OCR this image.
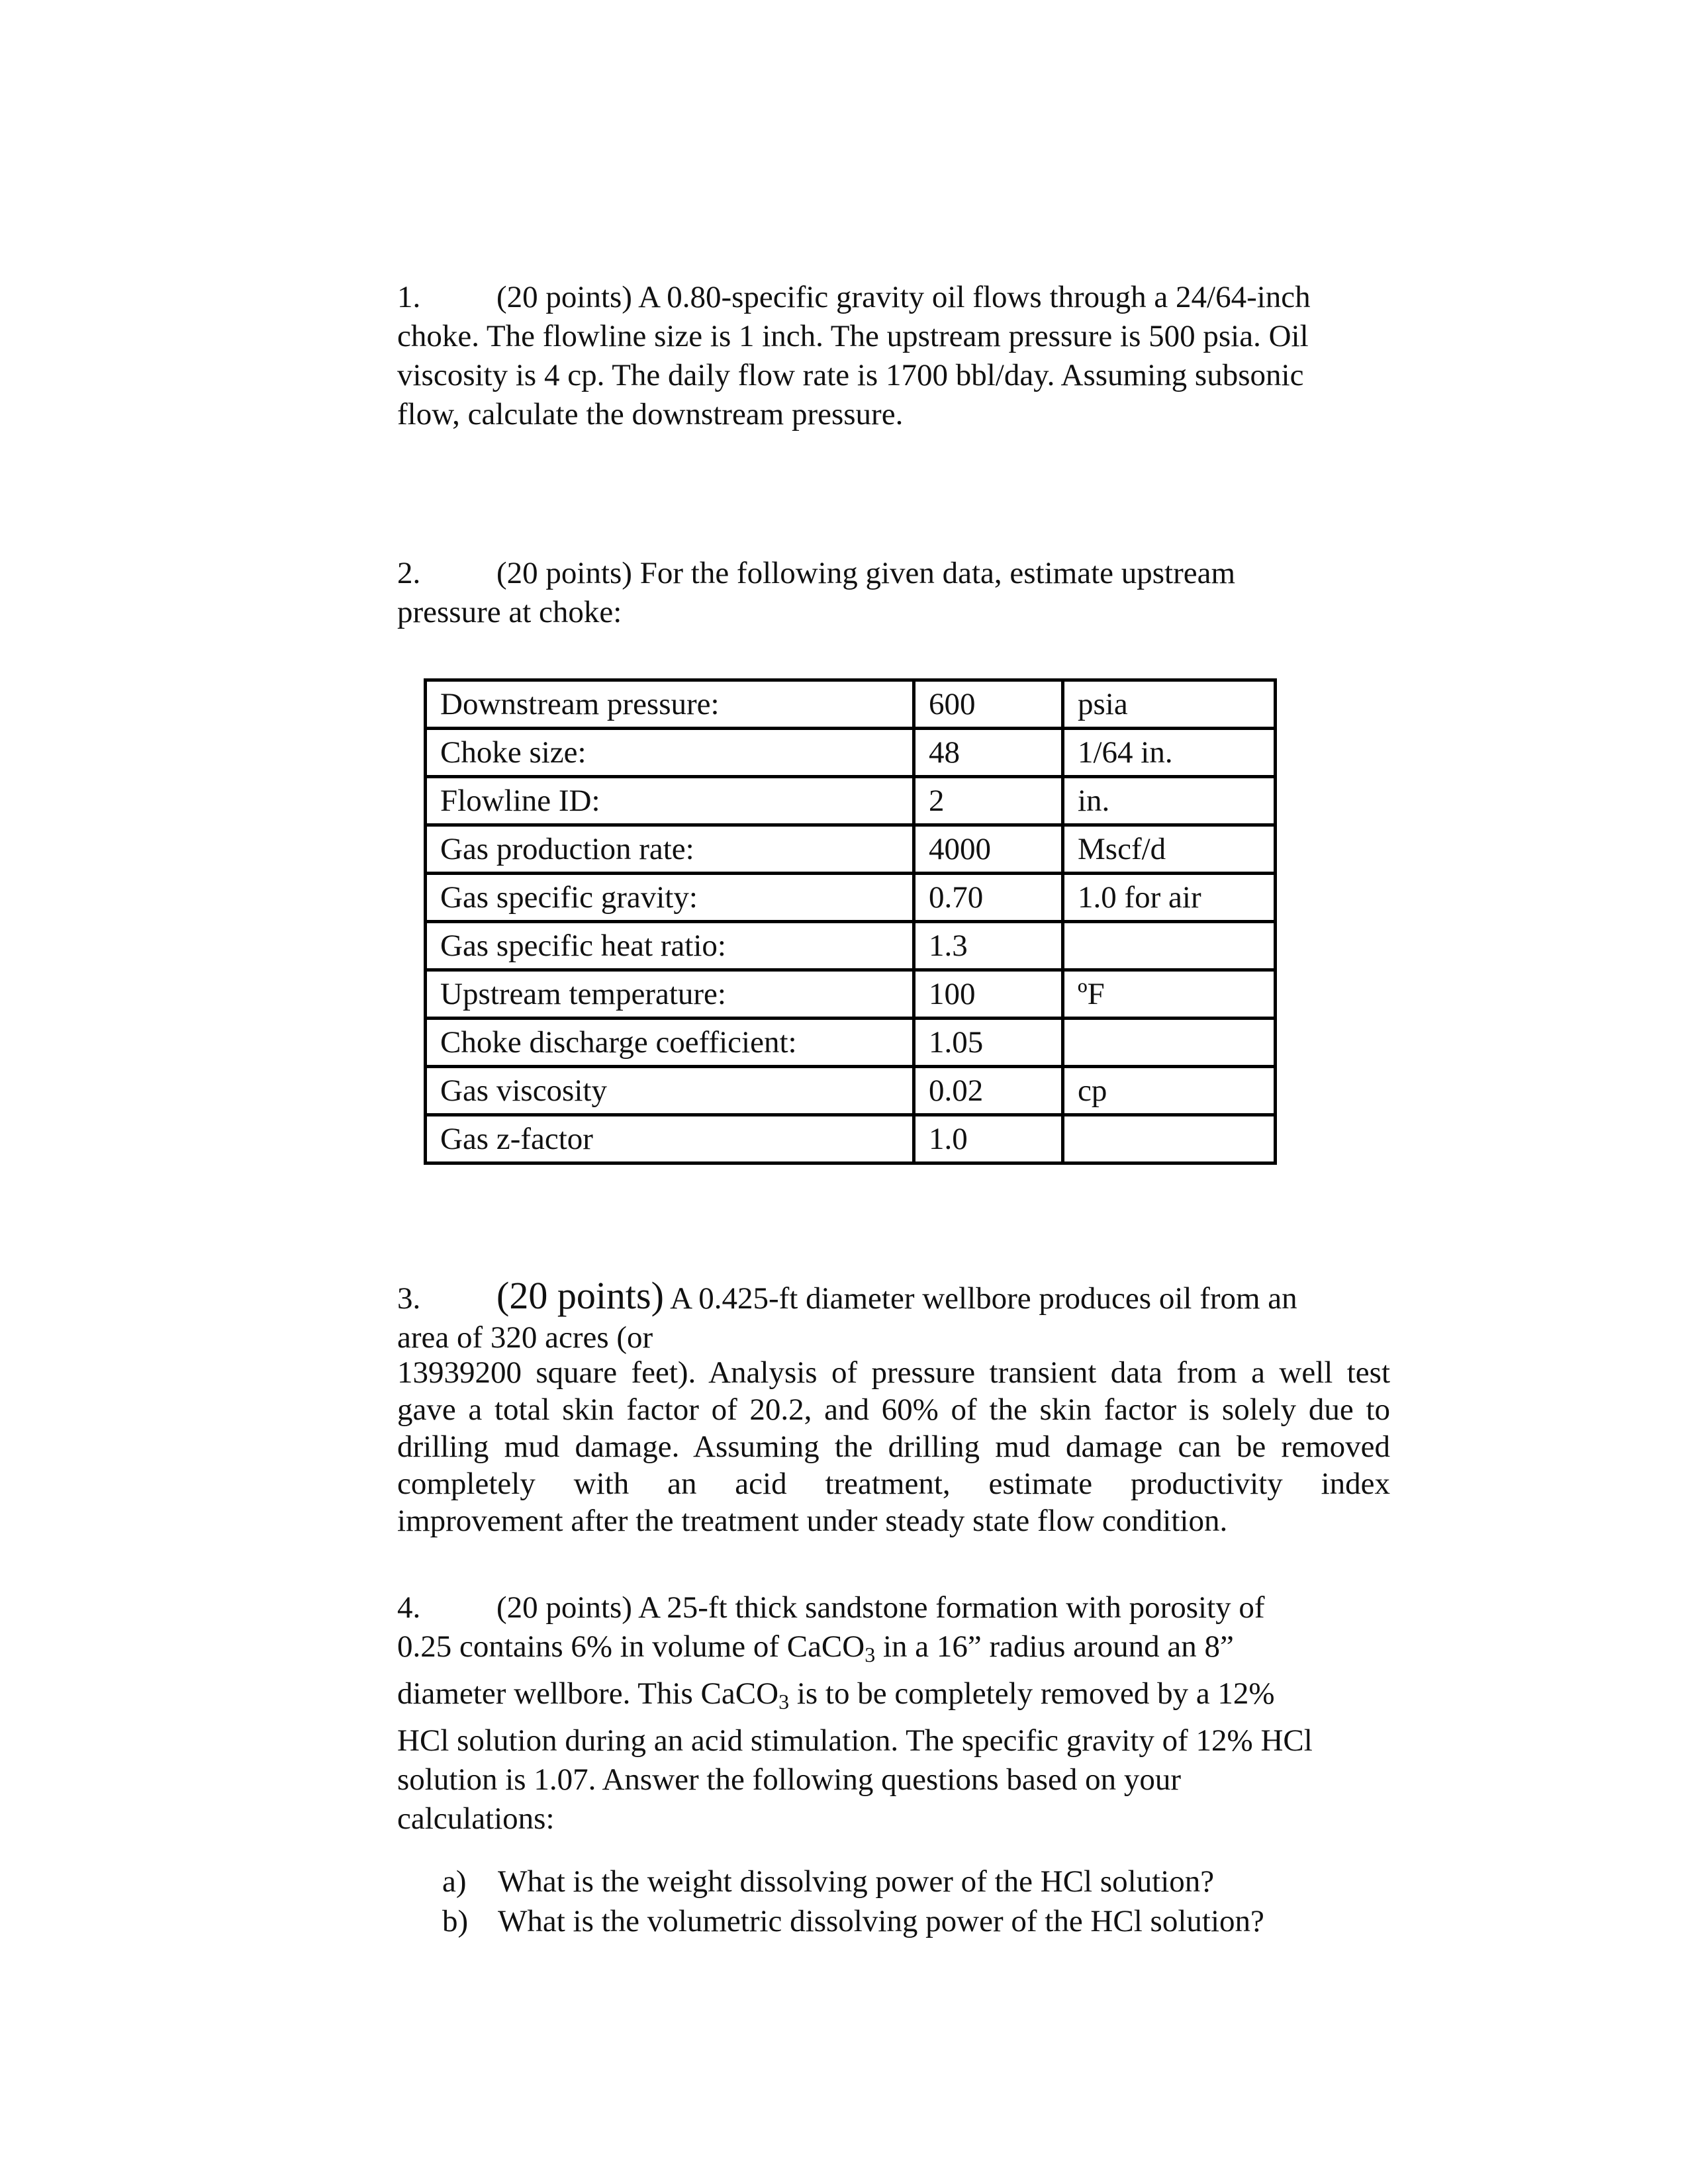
1. (20 points) A 0.80-specific gravity oil flows through a 24/64-inch
choke. The flowline size is 1 inch. The upstream pressure is 500 psia. Oil
viscosity is 4 cp. The daily flow rate is 1700 bbl/day. Assuming subsonic
flow, calculate the downstream pressure.
2. (20 points) For the following given data, estimate upstream
pressure at choke:
Downstream pressure:	600	psia
Choke size:	48	1/64 in.
Flowline ID:	2	in.
Gas production rate:	4000	Mscf/d
Gas specific gravity:	0.70	1.0 for air
Gas specific heat ratio:	1.3	
Upstream temperature:	100	ºF
Choke discharge coefficient:	1.05	
Gas viscosity	0.02	cp
Gas z-factor	1.0	
3. (20 points) A 0.425-ft diameter wellbore produces oil from an
area of 320 acres (or
13939200 square feet). Analysis of pressure transient data from a well test
gave a total skin factor of 20.2, and 60% of the skin factor is solely due to
drilling mud damage. Assuming the drilling mud damage can be removed
completely with an acid treatment, estimate productivity index
improvement after the treatment under steady state flow condition.
4. (20 points) A 25-ft thick sandstone formation with porosity of
0.25 contains 6% in volume of CaCO$_3$ in a 16” radius around an 8”
diameter wellbore. This CaCO$_3$ is to be completely removed by a 12%
HCl solution during an acid stimulation. The specific gravity of 12% HCl
solution is 1.07. Answer the following questions based on your
calculations:
a)	What is the weight dissolving power of the HCl solution?
b) What is the volumetric dissolving power of the HCl solution?
